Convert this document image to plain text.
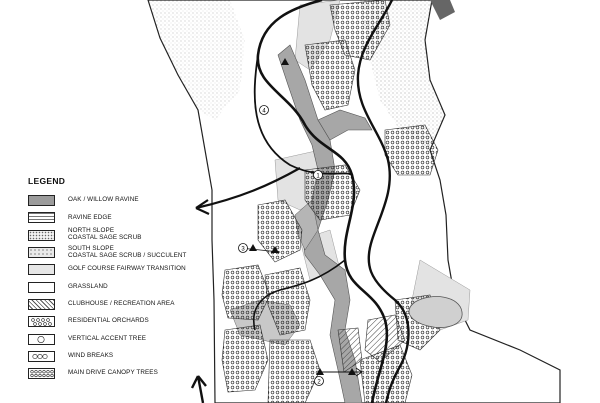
1
2
3
4
LEGEND
OAK / WILLOW RAVINE
RAVINE EDGE
NORTH SLOPE
COASTAL SAGE SCRUB
SOUTH SLOPE
COASTAL SAGE SCRUB / SUCCULENT
GOLF COURSE FAIRWAY TRANSITION
GRASSLAND
CLUBHOUSE / RECREATION AREA
RESIDENTIAL ORCHARDS
VERTICAL ACCENT TREE
WIND BREAKS
MAIN DRIVE CANOPY TREES
